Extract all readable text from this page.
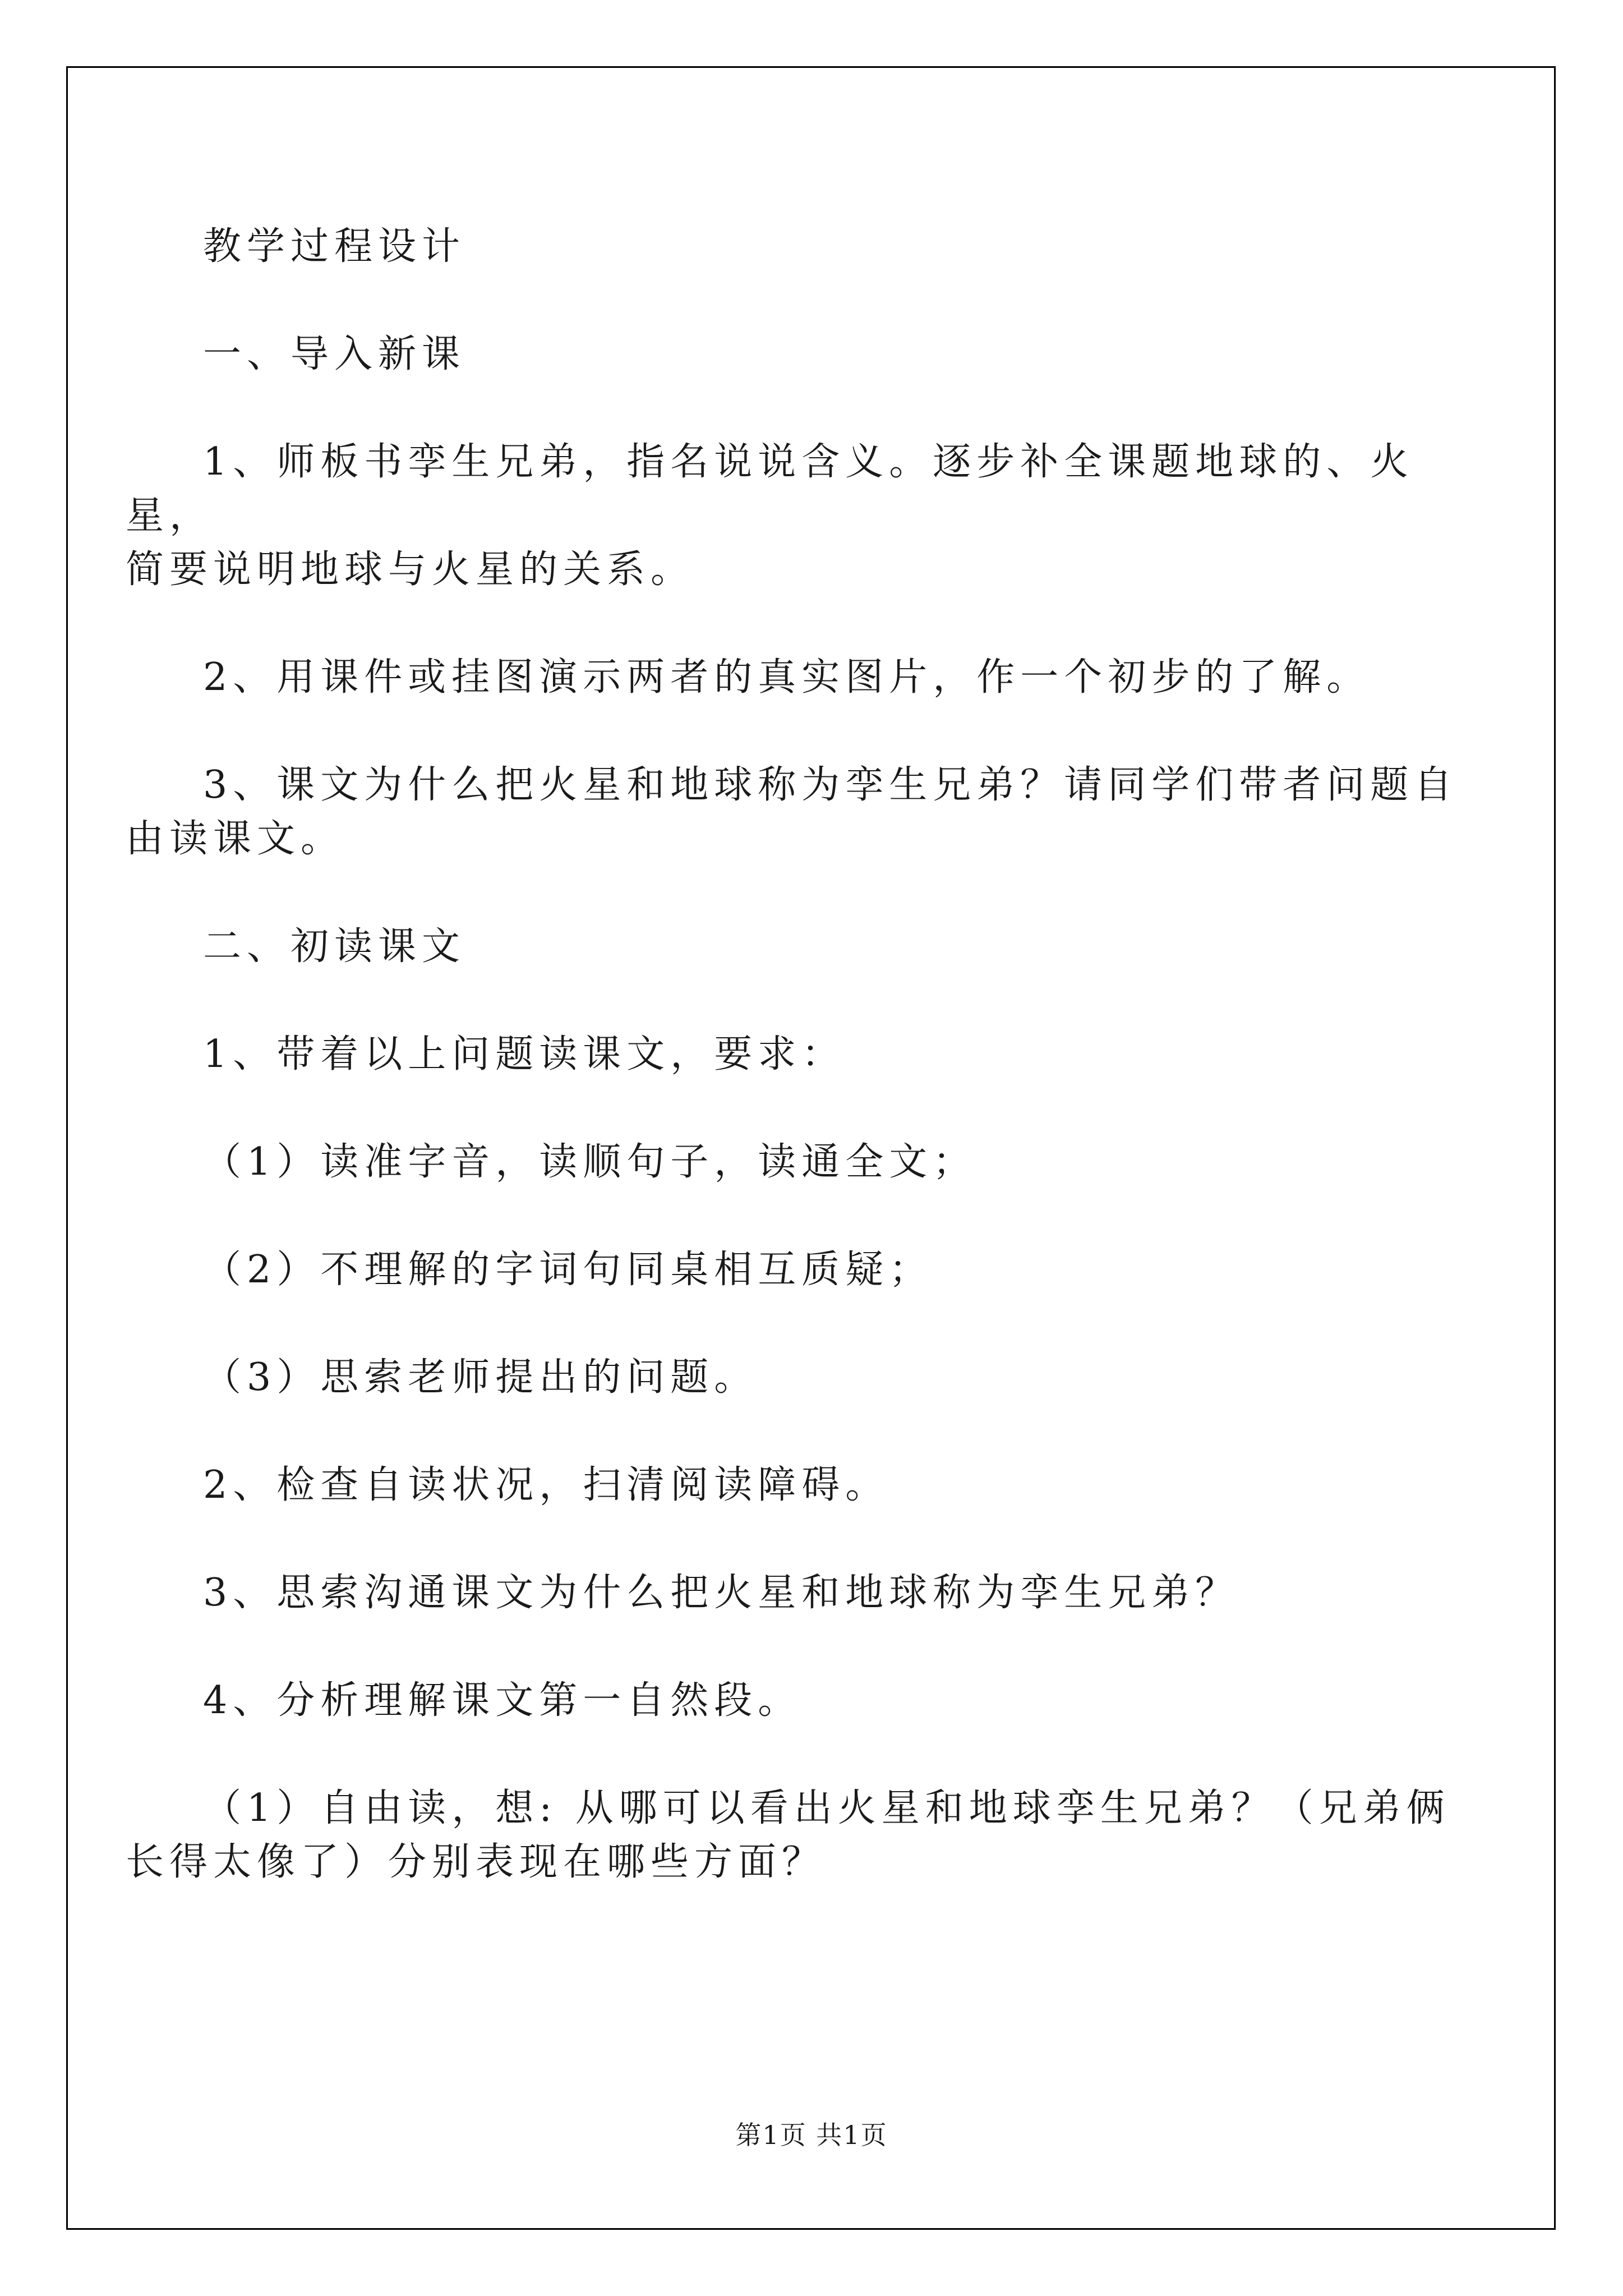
教学过程设计

一、导入新课

1、师板书孪生兄弟，指名说说含义。逐步补全课题地球的、火星，
简要说明地球与火星的关系。

2、用课件或挂图演示两者的真实图片，作一个初步的了解。

3、课文为什么把火星和地球称为孪生兄弟？请同学们带者问题自
由读课文。

二、初读课文

1、带着以上问题读课文，要求：

（1）读准字音，读顺句子，读通全文；

（2）不理解的字词句同桌相互质疑；

（3）思索老师提出的问题。

2、检查自读状况，扫清阅读障碍。

3、思索沟通课文为什么把火星和地球称为孪生兄弟？

4、分析理解课文第一自然段。

（1）自由读，想: 从哪可以看出火星和地球孪生兄弟？（兄弟俩
长得太像了）分别表现在哪些方面？

第1页 共1页
